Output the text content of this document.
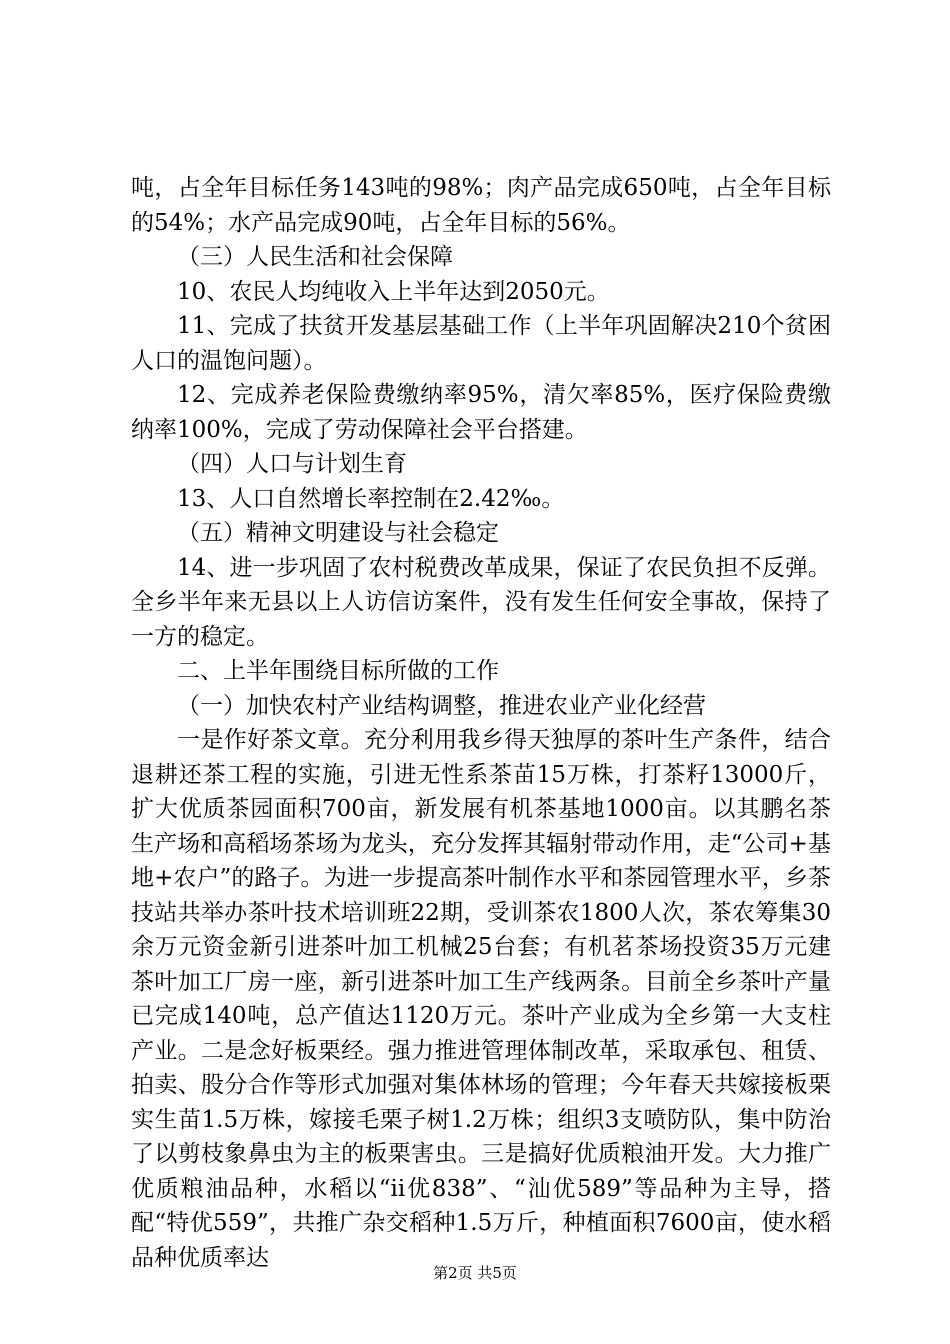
吨，占全年目标任务143吨的98%；肉产品完成650吨，占全年目标的54%；水产品完成90吨，占全年目标的56%。

（三）人民生活和社会保障

10、农民人均纯收入上半年达到2050元。

11、完成了扶贫开发基层基础工作（上半年巩固解决210个贫困人口的温饱问题）。

12、完成养老保险费缴纳率95%，清欠率85%，医疗保险费缴纳率100%，完成了劳动保障社会平台搭建。

（四）人口与计划生育

13、人口自然增长率控制在2.42‰。

（五）精神文明建设与社会稳定

14、进一步巩固了农村税费改革成果，保证了农民负担不反弹。全乡半年来无县以上人访信访案件，没有发生任何安全事故，保持了一方的稳定。

二、上半年围绕目标所做的工作

（一）加快农村产业结构调整，推进农业产业化经营

一是作好茶文章。充分利用我乡得天独厚的茶叶生产条件，结合退耕还茶工程的实施，引进无性系茶苗15万株，打茶籽13000斤，扩大优质茶园面积700亩，新发展有机茶基地1000亩。以其鹏名茶生产场和高稻场茶场为龙头，充分发挥其辐射带动作用，走“公司+基地+农户”的路子。为进一步提高茶叶制作水平和茶园管理水平，乡茶技站共举办茶叶技术培训班22期，受训茶农1800人次，茶农筹集30余万元资金新引进茶叶加工机械25台套；有机茗茶场投资35万元建茶叶加工厂房一座，新引进茶叶加工生产线两条。目前全乡茶叶产量已完成140吨，总产值达1120万元。茶叶产业成为全乡第一大支柱产业。二是念好板栗经。强力推进管理体制改革，采取承包、租赁、拍卖、股分合作等形式加强对集体林场的管理；今年春天共嫁接板栗实生苗1.5万株，嫁接毛栗子树1.2万株；组织3支喷防队，集中防治了以剪枝象鼻虫为主的板栗害虫。三是搞好优质粮油开发。大力推广优质粮油品种，水稻以“ii优838”、“汕优589”等品种为主导，搭配“特优559”，共推广杂交稻种1.5万斤，种植面积7600亩，使水稻品种优质率达

第2页 共5页
